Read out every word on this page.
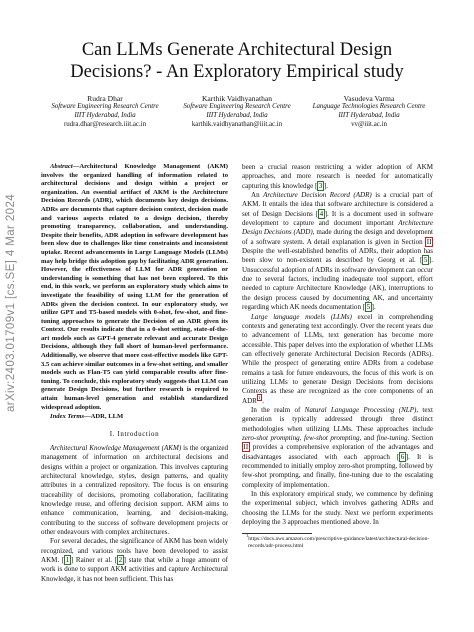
arXiv:2403.01709v1 [cs.SE] 4 Mar 2024
Can LLMs Generate Architectural Design
Decisions? - An Exploratory Empirical study
Rudra Dhar
Software Engineering Research Centre
IIIT Hyderabad, India
rudra.dhar@research.iiit.ac.in
Karthik Vaidhyanathan
Software Engineering Research Centre
IIIT Hyderabad, India
karthik.vaidhyanathan@iiit.ac.in
Vasudeva Varma
Language Technologies Research Centre
IIIT Hyderabad, India
vv@iiit.ac.in

Abstract—Architectural Knowledge Management (AKM) involves the organized handling of information related to architectural decisions and design within a project or organization. An essential artifact of AKM is the Architecture Decision Records (ADR), which documents key design decisions. ADRs are documents that capture decision context, decision made and various aspects related to a design decision, thereby promoting transparency, collaboration, and understanding. Despite their benefits, ADR adoption in software development has been slow due to challenges like time constraints and inconsistent uptake. Recent advancements in Large Language Models (LLMs) may help bridge this adoption gap by facilitating ADR generation. However, the effectiveness of LLM for ADR generation or understanding is something that has not been explored. To this end, in this work, we perform an exploratory study which aims to investigate the feasibility of using LLM for the generation of ADRs given the decision context. In our exploratory study, we utilize GPT and T5-based models with 0-shot, few-shot, and fine-tuning approaches to generate the Decision of an ADR given its Context. Our results indicate that in a 0-shot setting, state-of-the-art models such as GPT-4 generate relevant and accurate Design Decisions, although they fall short of human-level performance. Additionally, we observe that more cost-effective models like GPT-3.5 can achieve similar outcomes in a few-shot setting, and smaller models such as Flan-T5 can yield comparable results after fine-tuning. To conclude, this exploratory study suggests that LLM can generate Design Decisions, but further research is required to attain human-level generation and establish standardized widespread adoption.

Index Terms—ADR, LLM

I. Introduction

Architectural Knowledge Management (AKM) is the organized management of information on architectural decisions and designs within a project or organization. This involves capturing architectural knowledge, styles, design patterns, and quality attributes in a centralized repository. The focus is on ensuring traceability of decisions, promoting collaboration, facilitating knowledge reuse, and offering decision support. AKM aims to enhance communication, learning, and decision-making, contributing to the success of software development projects or other endeavours with complex architectures.

For several decades, the significance of AKM has been widely recognized, and various tools have been developed to assist AKM. [ 1 ] Rainer et al. [ 2 ] state that while a huge amount of work is done to support AKM activities and capture Architectural Knowledge, it has not been sufficient. This has

been a crucial reason restricting a wider adoption of AKM approaches, and more research is needed for automatically capturing this knowledge [ 3 ].

An Architecture Decision Record (ADR) is a crucial part of AKM. It entails the idea that software architecture is considered a set of Design Decisions [ 4 ]. It is a document used in software development to capture and document important Architecture Design Decisions (ADD), made during the design and development of a software system. A detail explanation is given in Section II Despite the well-established benefits of ADRs, their adoption has been slow to non-existent as described by Georg et al. [ 5 ]. Unsuccessful adoption of ADRs in software development can occur due to several factors, including inadequate tool support, effort needed to capture Architecture Knowledge (AK), interruptions to the design process caused by documenting AK, and uncertainty regarding which AK needs documentation [ 5 ].

Large language models (LLMs) excel in comprehending contexts and generating text accordingly. Over the recent years due to advancement of LLMs, text generation has become more accessible. This paper delves into the exploration of whether LLMs can effectively generate Architectural Decision Records (ADRs). While the prospect of generating entire ADRs from a codebase remains a task for future endeavours, the focus of this work is on utilizing LLMs to generate Design Decisions from decisions Contexts as these are recognized as the core components of an ADR $^1$ .

In the realm of Natural Language Processing (NLP), text generation is typically addressed through three distinct methodologies when utilizing LLMs. These approaches include zero-shot prompting, few-shot prompting, and fine-tuning. Section II provides a comprehensive exploration of the advantages and disadvantages associated with each approach [ 6 ]. It is recommended to initially employ zero-shot prompting, followed by few-shot prompting, and finally, fine-tuning due to the escalating complexity of implementation.

In this exploratory empirical study, we commence by defining the experimental subject, which involves gathering ADRs and choosing the LLMs for the study. Next we perform experiments deploying the 3 approaches mentioned above. In

$^1$https://docs.aws.amazon.com/prescriptive-guidance/latest/architectural-decision-records/adr-process.html
